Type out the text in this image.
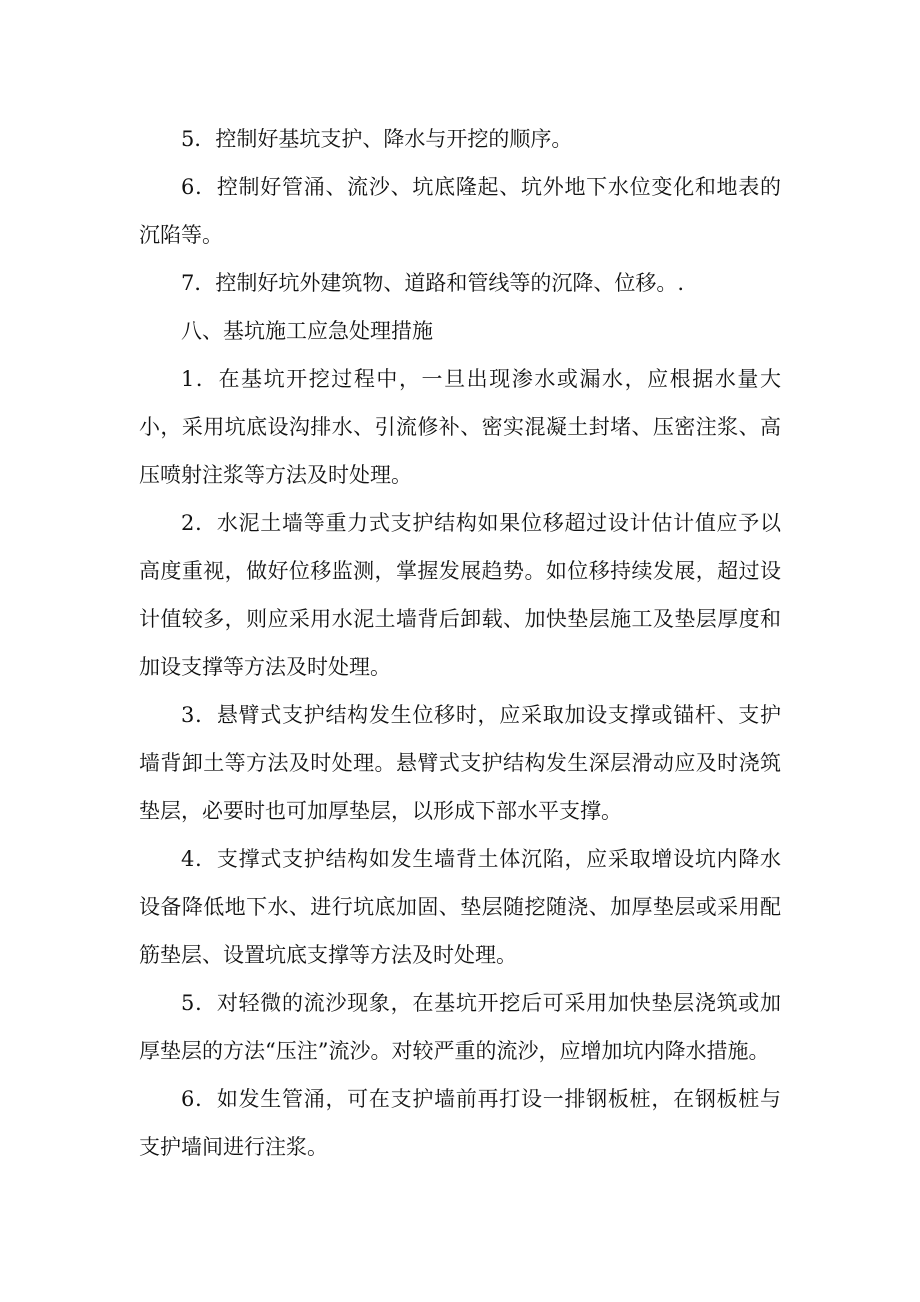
5．控制好基坑支护、降水与开挖的顺序。

6．控制好管涌、流沙、坑底隆起、坑外地下水位变化和地表的沉陷等。

7．控制好坑外建筑物、道路和管线等的沉降、位移。.

八、基坑施工应急处理措施

1．在基坑开挖过程中，一旦出现渗水或漏水，应根据水量大小，采用坑底设沟排水、引流修补、密实混凝土封堵、压密注浆、高压喷射注浆等方法及时处理。

2．水泥土墙等重力式支护结构如果位移超过设计估计值应予以高度重视，做好位移监测，掌握发展趋势。如位移持续发展，超过设计值较多，则应采用水泥土墙背后卸载、加快垫层施工及垫层厚度和加设支撑等方法及时处理。

3．悬臂式支护结构发生位移时，应采取加设支撑或锚杆、支护墙背卸土等方法及时处理。悬臂式支护结构发生深层滑动应及时浇筑垫层，必要时也可加厚垫层，以形成下部水平支撑。

4．支撑式支护结构如发生墙背土体沉陷，应采取增设坑内降水设备降低地下水、进行坑底加固、垫层随挖随浇、加厚垫层或采用配筋垫层、设置坑底支撑等方法及时处理。

5．对轻微的流沙现象，在基坑开挖后可采用加快垫层浇筑或加厚垫层的方法“压注”流沙。对较严重的流沙，应增加坑内降水措施。

6．如发生管涌，可在支护墙前再打设一排钢板桩，在钢板桩与支护墙间进行注浆。
